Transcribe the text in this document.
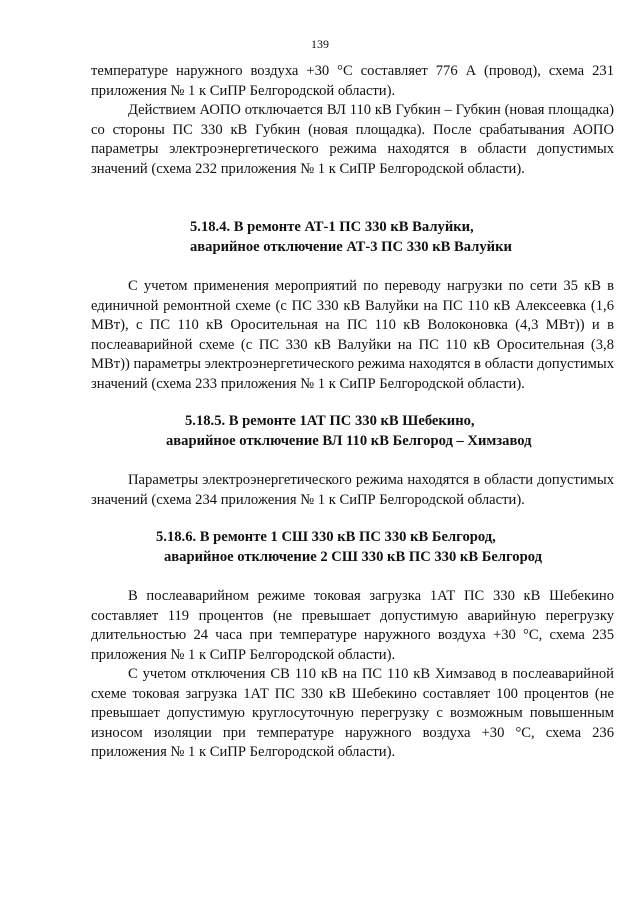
139

температуре наружного воздуха +30 °С составляет 776 А (провод), схема 231 приложения № 1 к СиПР Белгородской области).

Действием АОПО отключается ВЛ 110 кВ Губкин – Губкин (новая площадка) со стороны ПС 330 кВ Губкин (новая площадка). После срабатывания АОПО параметры электроэнергетического режима находятся в области допустимых значений (схема 232 приложения № 1 к СиПР Белгородской области).

5.18.4. В ремонте АТ-1 ПС 330 кВ Валуйки,
аварийное отключение АТ-3 ПС 330 кВ Валуйки

С учетом применения мероприятий по переводу нагрузки по сети 35 кВ в единичной ремонтной схеме (с ПС 330 кВ Валуйки на ПС 110 кВ Алексеевка (1,6 МВт), с ПС 110 кВ Оросительная на ПС 110 кВ Волоконовка (4,3 МВт)) и в послеаварийной схеме (с ПС 330 кВ Валуйки на ПС 110 кВ Оросительная (3,8 МВт)) параметры электроэнергетического режима находятся в области допустимых значений (схема 233 приложения № 1 к СиПР Белгородской области).

5.18.5. В ремонте 1АТ ПС 330 кВ Шебекино,
аварийное отключение ВЛ 110 кВ Белгород – Химзавод

Параметры электроэнергетического режима находятся в области допустимых значений (схема 234 приложения № 1 к СиПР Белгородской области).

5.18.6. В ремонте 1 СШ 330 кВ ПС 330 кВ Белгород,
аварийное отключение 2 СШ 330 кВ ПС 330 кВ Белгород

В послеаварийном режиме токовая загрузка 1АТ ПС 330 кВ Шебекино составляет 119 процентов (не превышает допустимую аварийную перегрузку длительностью 24 часа при температуре наружного воздуха +30 °С, схема 235 приложения № 1 к СиПР Белгородской области).

С учетом отключения СВ 110 кВ на ПС 110 кВ Химзавод в послеаварийной схеме токовая загрузка 1АТ ПС 330 кВ Шебекино составляет 100 процентов (не превышает допустимую круглосуточную перегрузку с возможным повышенным износом изоляции при температуре наружного воздуха +30 °С, схема 236 приложения № 1 к СиПР Белгородской области).
